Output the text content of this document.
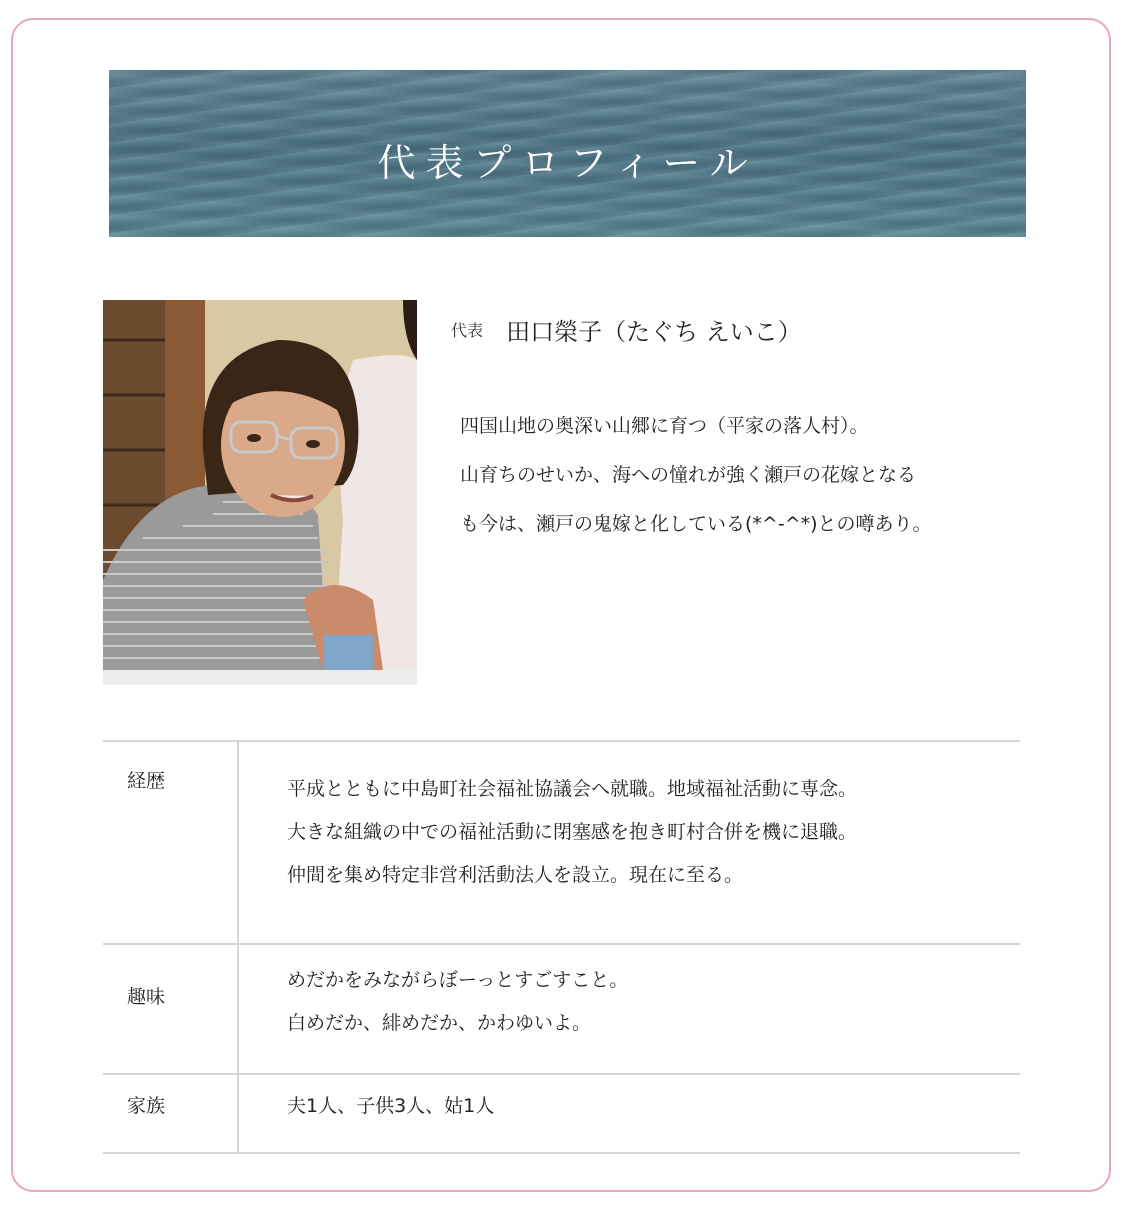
代表プロフィール
代表 田口榮子（たぐち えいこ）

四国山地の奥深い山郷に育つ（平家の落人村）。

山育ちのせいか、海への憧れが強く瀬戸の花嫁となる

も今は、瀬戸の鬼嫁と化している(*^-^*)との噂あり。

経歴	平成とともに中島町社会福祉協議会へ就職。地域福祉活動に専念。

大きな組織の中での福祉活動に閉塞感を抱き町村合併を機に退職。

仲間を集め特定非営利活動法人を設立。現在に至る。

趣味	めだかをみながらぼーっとすごすこと。

白めだか、緋めだか、かわゆいよ。

家族	夫1人、子供3人、姑1人
